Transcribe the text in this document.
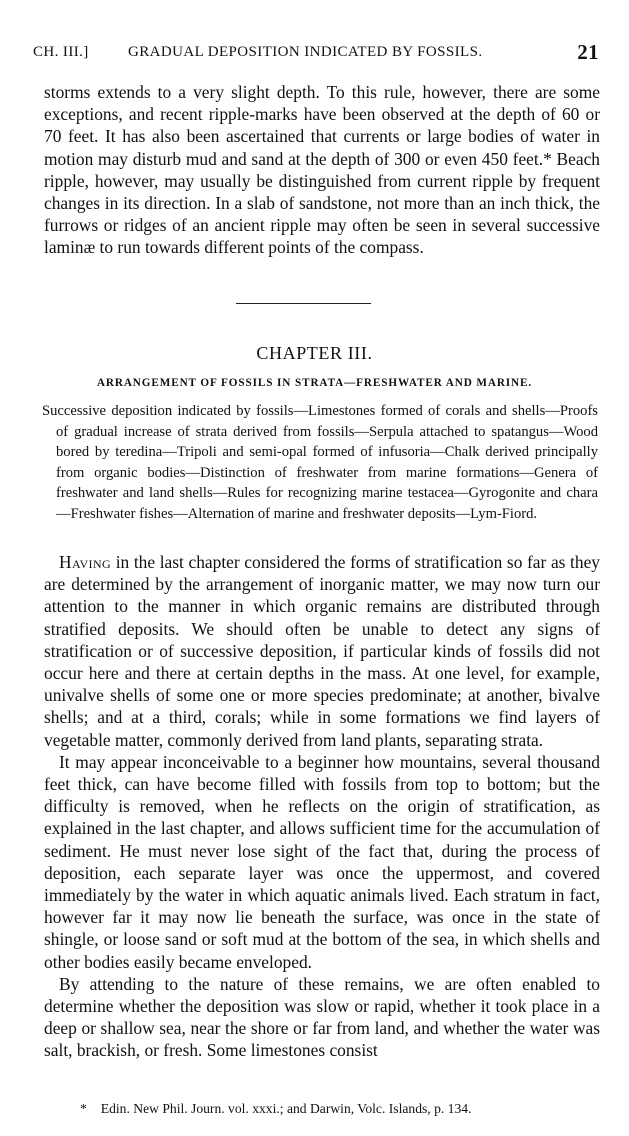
CH. III.]	GRADUAL DEPOSITION INDICATED BY FOSSILS.	21

storms extends to a very slight depth. To this rule, however, there are some exceptions, and recent ripple-marks have been observed at the depth of 60 or 70 feet. It has also been ascertained that currents or large bodies of water in motion may disturb mud and sand at the depth of 300 or even 450 feet.* Beach ripple, however, may usually be distinguished from current ripple by frequent changes in its direction. In a slab of sandstone, not more than an inch thick, the furrows or ridges of an ancient ripple may often be seen in several successive laminæ to run towards different points of the compass.

CHAPTER III.
ARRANGEMENT OF FOSSILS IN STRATA—FRESHWATER AND MARINE.
Successive deposition indicated by fossils—Limestones formed of corals and shells—Proofs of gradual increase of strata derived from fossils—Serpula attached to spatangus—Wood bored by teredina—Tripoli and semi-opal formed of infusoria—Chalk derived principally from organic bodies—Distinction of freshwater from marine formations—Genera of freshwater and land shells—Rules for recognizing marine testacea—Gyrogonite and chara—Freshwater fishes—Alternation of marine and freshwater deposits—Lym-Fiord.

Having in the last chapter considered the forms of stratification so far as they are determined by the arrangement of inorganic matter, we may now turn our attention to the manner in which organic remains are distributed through stratified deposits. We should often be unable to detect any signs of stratification or of successive deposition, if particular kinds of fossils did not occur here and there at certain depths in the mass. At one level, for example, univalve shells of some one or more species predominate; at another, bivalve shells; and at a third, corals; while in some formations we find layers of vegetable matter, commonly derived from land plants, separating strata.

It may appear inconceivable to a beginner how mountains, several thousand feet thick, can have become filled with fossils from top to bottom; but the difficulty is removed, when he reflects on the origin of stratification, as explained in the last chapter, and allows sufficient time for the accumulation of sediment. He must never lose sight of the fact that, during the process of deposition, each separate layer was once the uppermost, and covered immediately by the water in which aquatic animals lived. Each stratum in fact, however far it may now lie beneath the surface, was once in the state of shingle, or loose sand or soft mud at the bottom of the sea, in which shells and other bodies easily became enveloped.

By attending to the nature of these remains, we are often enabled to determine whether the deposition was slow or rapid, whether it took place in a deep or shallow sea, near the shore or far from land, and whether the water was salt, brackish, or fresh. Some limestones consist

* Edin. New Phil. Journ. vol. xxxi.; and Darwin, Volc. Islands, p. 134.
